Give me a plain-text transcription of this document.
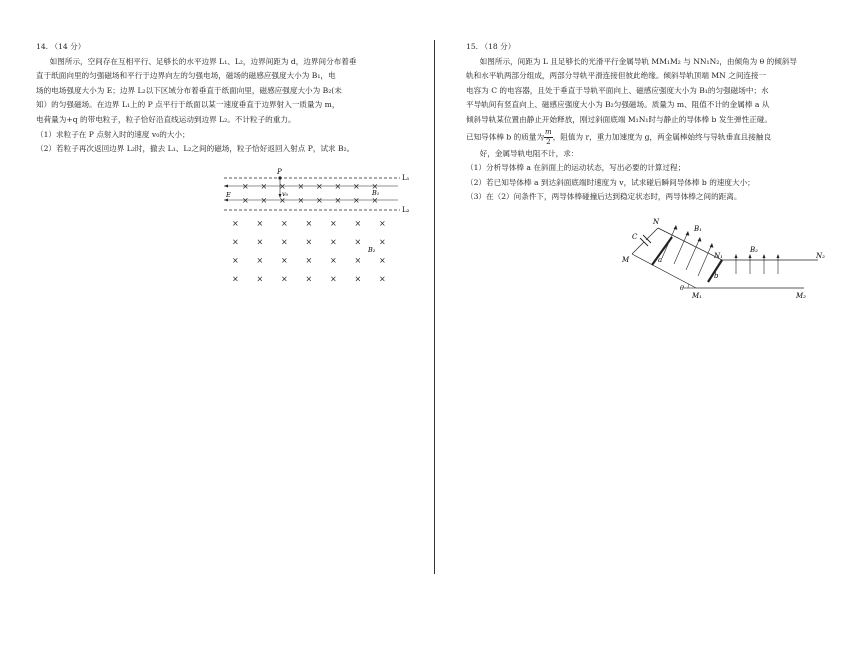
14. （14 分）
如图所示，空间存在互相平行、足够长的水平边界 L₁、L₂，边界间距为 d，边界间分布着垂
直于纸面向里的匀强磁场和平行于边界向左的匀强电场，磁场的磁感应强度大小为 B₁，电
场的电场强度大小为 E；边界 L₂以下区域分布着垂直于纸面向里，磁感应强度大小为 B₂(未
知）的匀强磁场。在边界 L₁上的 P 点平行于纸面以某一速度垂直于边界射入一质量为 m，
电荷量为+q 的带电粒子，粒子恰好沿直线运动到边界 L₂。不计粒子的重力。
（1）求粒子在 P 点射入时的速度 v₀的大小；
（2）若粒子再次返回边界 L₂时，撤去 L₁、L₂之间的磁场，粒子恰好返回入射点 P，试求 B₂。
P
v₀
L₁
L₂
E	B₁
B₂
×
×
×
×
×
×
×
×
×
×
×
×
×
×
×
×
× × × × × × ×
× × × × × × ×
× × × × × × ×
× × × × × × ×
15. （18 分）
如图所示，间距为 L 且足够长的光滑平行金属导轨 MM₁M₂ 与 NN₁N₂，由倾角为 θ 的倾斜导
轨和水平轨两部分组成，两部分导轨平滑连接但彼此绝缘。倾斜导轨顶端 MN 之间连接一
电容为 C 的电容器，且处于垂直于导轨平面向上、磁感应强度大小为 B₁的匀强磁场中；水
平导轨间有竖直向上、磁感应强度大小为 B₂匀强磁场。质量为 m、阻值不计的金属棒 a 从
倾斜导轨某位置由静止开始释放，刚过斜面底端 M₁N₁时与静止的导体棒 b 发生弹性正碰。
已知导体棒 b 的质量为 $\frac{m}{2}$ ，阻值为 r，重力加速度为 g，两金属棒始终与导轨垂直且接触良
好，金属导轨电阻不计，求：
（1）分析导体棒 a 在斜面上的运动状态，写出必要的计算过程；
（2）若已知导体棒 a 到达斜面底端时速度为 v，试求碰后瞬间导体棒 b 的速度大小；
（3）在（2）问条件下，两导体棒碰撞后达到稳定状态时，两导体棒之间的距离。
N
C
M	a
B₁
N₁
b
B₂
N₂
θ
M₁	M₂
